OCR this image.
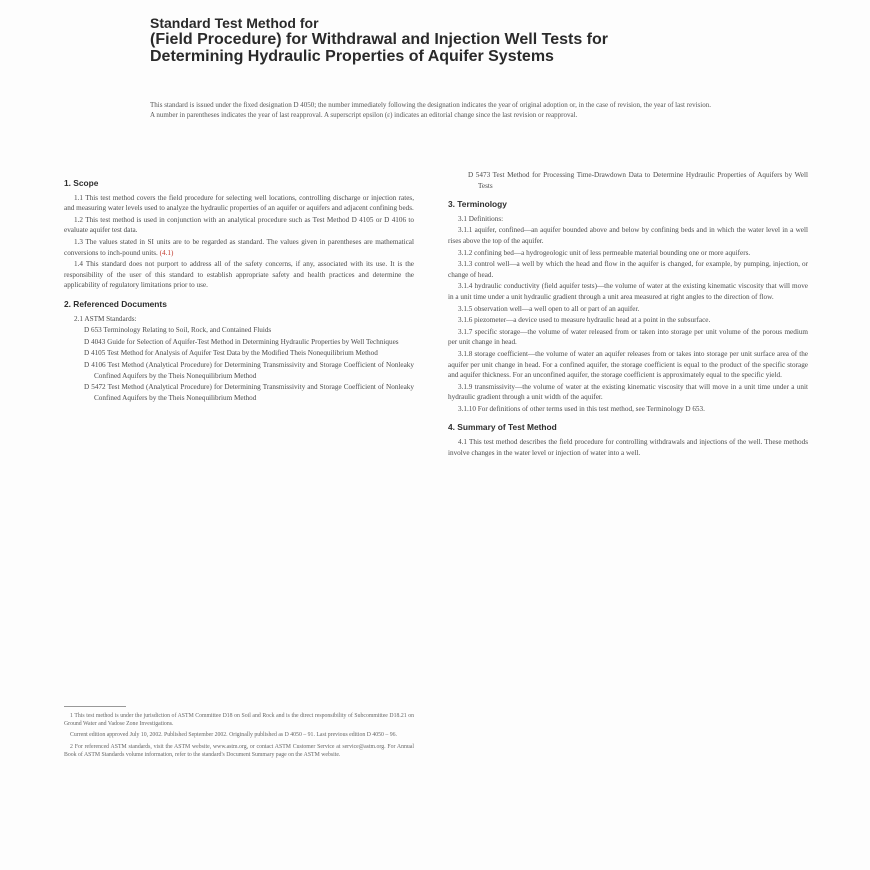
Standard Test Method for
(Field Procedure) for Withdrawal and Injection Well Tests for
Determining Hydraulic Properties of Aquifer Systems
This standard is issued under the fixed designation D 4050; the number immediately following the designation indicates the year of original adoption or, in the case of revision, the year of last revision. A number in parentheses indicates the year of last reapproval. A superscript epsilon (ε) indicates an editorial change since the last revision or reapproval.
1. Scope

1.1 This test method covers the field procedure for selecting well locations, controlling discharge or injection rates, and measuring water levels used to analyze the hydraulic properties of an aquifer or aquifers and adjacent confining beds.

1.2 This test method is used in conjunction with an analytical procedure such as Test Method D 4105 or D 4106 to evaluate aquifer test data.

1.3 The values stated in SI units are to be regarded as standard. The values given in parentheses are mathematical conversions to inch-pound units. (4.1)

1.4 This standard does not purport to address all of the safety concerns, if any, associated with its use. It is the responsibility of the user of this standard to establish appropriate safety and health practices and determine the applicability of regulatory limitations prior to use.

2. Referenced Documents

2.1 ASTM Standards:

D 653 Terminology Relating to Soil, Rock, and Contained Fluids

D 4043 Guide for Selection of Aquifer-Test Method in Determining Hydraulic Properties by Well Techniques

D 4105 Test Method for Analysis of Aquifer Test Data by the Modified Theis Nonequilibrium Method

D 4106 Test Method (Analytical Procedure) for Determining Transmissivity and Storage Coefficient of Nonleaky Confined Aquifers by the Theis Nonequilibrium Method

D 5472 Test Method (Analytical Procedure) for Determining Transmissivity and Storage Coefficient of Nonleaky Confined Aquifers by the Theis Nonequilibrium Method

1 This test method is under the jurisdiction of ASTM Committee D18 on Soil and Rock and is the direct responsibility of Subcommittee D18.21 on Ground Water and Vadose Zone Investigations.

Current edition approved July 10, 2002. Published September 2002. Originally published as D 4050 – 91. Last previous edition D 4050 – 96.

2 For referenced ASTM standards, visit the ASTM website, www.astm.org, or contact ASTM Customer Service at service@astm.org. For Annual Book of ASTM Standards volume information, refer to the standard's Document Summary page on the ASTM website.

D 5473 Test Method for Processing Time-Drawdown Data to Determine Hydraulic Properties of Aquifers by Well Tests

3. Terminology

3.1 Definitions:

3.1.1 aquifer, confined—an aquifer bounded above and below by confining beds and in which the water level in a well rises above the top of the aquifer.

3.1.2 confining bed—a hydrogeologic unit of less permeable material bounding one or more aquifers.

3.1.3 control well—a well by which the head and flow in the aquifer is changed, for example, by pumping, injection, or change of head.

3.1.4 hydraulic conductivity (field aquifer tests)—the volume of water at the existing kinematic viscosity that will move in a unit time under a unit hydraulic gradient through a unit area measured at right angles to the direction of flow.

3.1.5 observation well—a well open to all or part of an aquifer.

3.1.6 piezometer—a device used to measure hydraulic head at a point in the subsurface.

3.1.7 specific storage—the volume of water released from or taken into storage per unit volume of the porous medium per unit change in head.

3.1.8 storage coefficient—the volume of water an aquifer releases from or takes into storage per unit surface area of the aquifer per unit change in head. For a confined aquifer, the storage coefficient is equal to the product of the specific storage and aquifer thickness. For an unconfined aquifer, the storage coefficient is approximately equal to the specific yield.

3.1.9 transmissivity—the volume of water at the existing kinematic viscosity that will move in a unit time under a unit hydraulic gradient through a unit width of the aquifer.

3.1.10 For definitions of other terms used in this test method, see Terminology D 653.

4. Summary of Test Method

4.1 This test method describes the field procedure for controlling withdrawals and injections of the well. These methods involve changes in the water level or injection of water into a well.
